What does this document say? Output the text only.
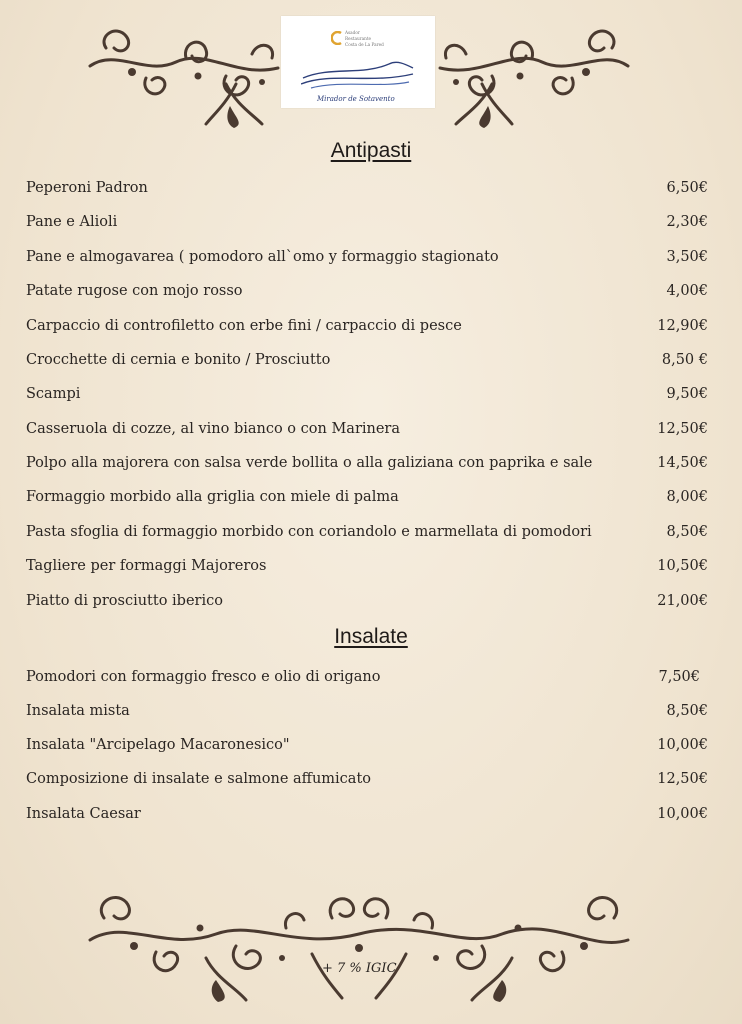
Asador
Restaurante
Costa de La Pared
Mirador de Sotavento
Antipasti
Peperoni Padron	6,50€
Pane e Alioli	2,30€
Pane e almogavarea ( pomodoro all`omo y formaggio stagionato	3,50€
Patate rugose con mojo rosso	4,00€
Carpaccio di controfiletto con erbe fini / carpaccio di pesce	12,90€
Crocchette di cernia e bonito / Prosciutto	8,50 €
Scampi	9,50€
Casseruola di cozze, al vino bianco o con Marinera	12,50€
Polpo alla majorera con salsa verde bollita o alla galiziana con paprika e sale	14,50€
Formaggio morbido alla griglia con miele di palma	8,00€
Pasta sfoglia di formaggio morbido con coriandolo e marmellata di pomodori	8,50€
Tagliere per formaggi Majoreros	10,50€
Piatto di prosciutto iberico	21,00€
Insalate
Pomodori con formaggio fresco e olio di origano	7,50€
Insalata mista	8,50€
Insalata "Arcipelago Macaronesico"	10,00€
Composizione di insalate e salmone affumicato	12,50€
Insalata Caesar	10,00€
+ 7 % IGIC
